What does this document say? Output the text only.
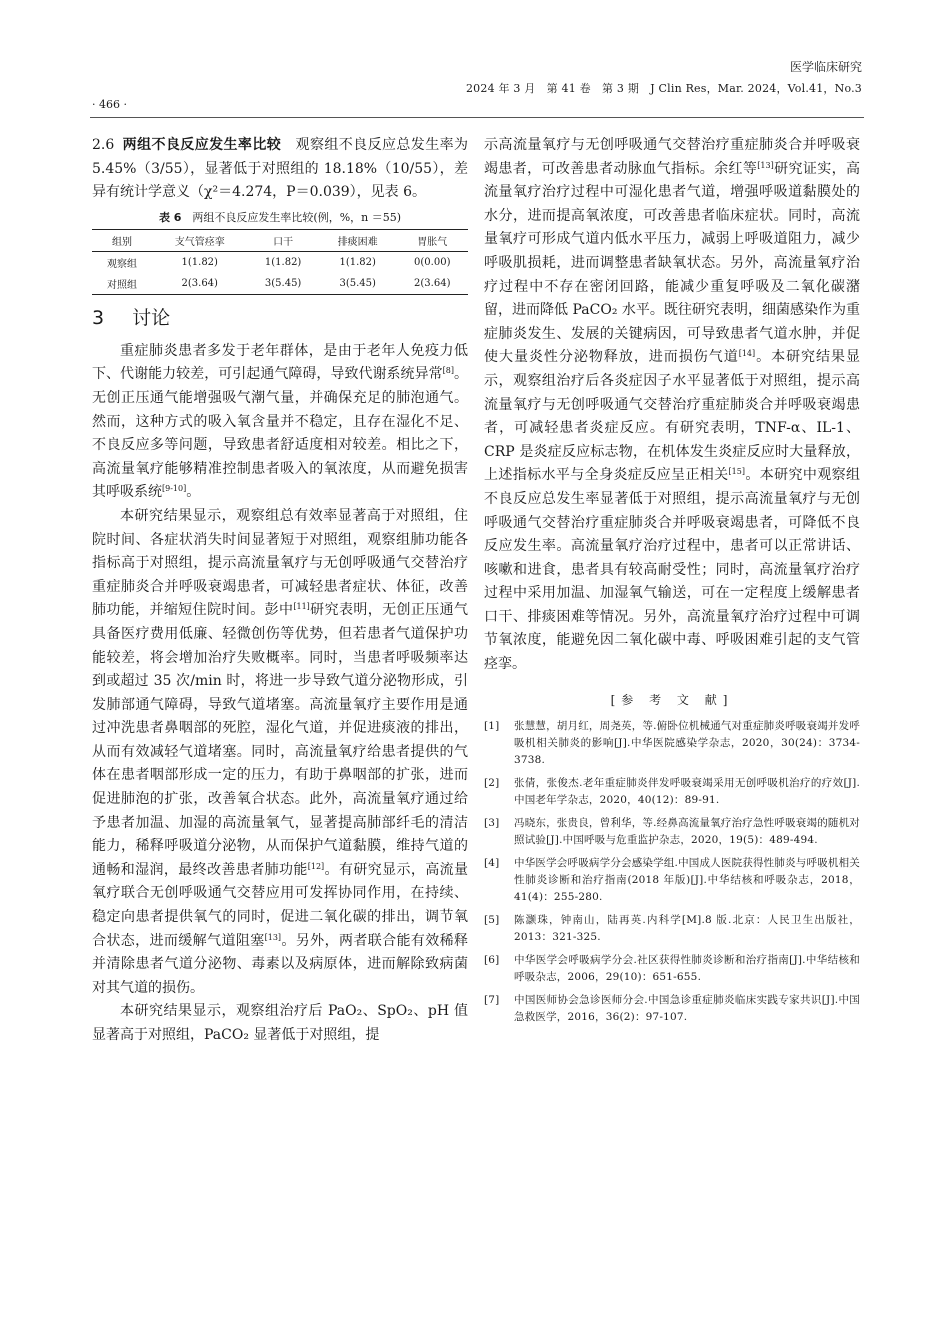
医学临床研究
2024 年 3 月　第 41 卷　第 3 期　J Clin Res，Mar. 2024，Vol.41，No.3
· 466 ·

2.6 两组不良反应发生率比较　 观察组不良反应总发生率为 5.45%（3/55），显著低于对照组的 18.18%（10/55），差异有统计学意义（χ²＝4.274，P＝0.039），见表 6。

表 6　 两组不良反应发生率比较(例，%，n ＝55)
组别	支气管痉挛	口干	排痰困难	胃胀气
观察组	1(1.82)	1(1.82)	1(1.82)	0(0.00)
对照组	2(3.64)	3(5.45)	3(5.45)	2(3.64)
3 讨论

重症肺炎患者多发于老年群体，是由于老年人免疫力低下、代谢能力较差，可引起通气障碍，导致代谢系统异常[8]。无创正压通气能增强吸气潮气量，并确保充足的肺泡通气。然而，这种方式的吸入氧含量并不稳定，且存在湿化不足、不良反应多等问题，导致患者舒适度相对较差。相比之下，高流量氧疗能够精准控制患者吸入的氧浓度，从而避免损害其呼吸系统[9-10]。

本研究结果显示，观察组总有效率显著高于对照组，住院时间、各症状消失时间显著短于对照组，观察组肺功能各指标高于对照组，提示高流量氧疗与无创呼吸通气交替治疗重症肺炎合并呼吸衰竭患者，可减轻患者症状、体征，改善肺功能，并缩短住院时间。彭中[11]研究表明，无创正压通气具备医疗费用低廉、轻微创伤等优势，但若患者气道保护功能较差，将会增加治疗失败概率。同时，当患者呼吸频率达到或超过 35 次/min 时，将进一步导致气道分泌物形成，引发肺部通气障碍，导致气道堵塞。高流量氧疗主要作用是通过冲洗患者鼻咽部的死腔，湿化气道，并促进痰液的排出，从而有效减轻气道堵塞。同时，高流量氧疗给患者提供的气体在患者咽部形成一定的压力，有助于鼻咽部的扩张，进而促进肺泡的扩张，改善氧合状态。此外，高流量氧疗通过给予患者加温、加湿的高流量氧气，显著提高肺部纤毛的清洁能力，稀释呼吸道分泌物，从而保护气道黏膜，维持气道的通畅和湿润，最终改善患者肺功能[12]。有研究显示，高流量氧疗联合无创呼吸通气交替应用可发挥协同作用，在持续、稳定向患者提供氧气的同时，促进二氧化碳的排出，调节氧合状态，进而缓解气道阻塞[13]。另外，两者联合能有效稀释并清除患者气道分泌物、毒素以及病原体，进而解除致病菌对其气道的损伤。

本研究结果显示，观察组治疗后 PaO₂、SpO₂、pH 值显著高于对照组，PaCO₂ 显著低于对照组，提

示高流量氧疗与无创呼吸通气交替治疗重症肺炎合并呼吸衰竭患者，可改善患者动脉血气指标。余红等[13]研究证实，高流量氧疗治疗过程中可湿化患者气道，增强呼吸道黏膜处的水分，进而提高氧浓度，可改善患者临床症状。同时，高流量氧疗可形成气道内低水平压力，减弱上呼吸道阻力，减少呼吸肌损耗，进而调整患者缺氧状态。另外，高流量氧疗治疗过程中不存在密闭回路，能减少重复呼吸及二氧化碳潴留，进而降低 PaCO₂ 水平。既往研究表明，细菌感染作为重症肺炎发生、发展的关键病因，可导致患者气道水肿，并促使大量炎性分泌物释放，进而损伤气道[14]。本研究结果显示，观察组治疗后各炎症因子水平显著低于对照组，提示高流量氧疗与无创呼吸通气交替治疗重症肺炎合并呼吸衰竭患者，可减轻患者炎症反应。有研究表明，TNF-α、IL-1、CRP 是炎症反应标志物，在机体发生炎症反应时大量释放，上述指标水平与全身炎症反应呈正相关[15]。本研究中观察组不良反应总发生率显著低于对照组，提示高流量氧疗与无创呼吸通气交替治疗重症肺炎合并呼吸衰竭患者，可降低不良反应发生率。高流量氧疗治疗过程中，患者可以正常讲话、咳嗽和进食，患者具有较高耐受性；同时，高流量氧疗治疗过程中采用加温、加湿氧气输送，可在一定程度上缓解患者口干、排痰困难等情况。另外，高流量氧疗治疗过程中可调节氧浓度，能避免因二氧化碳中毒、呼吸困难引起的支气管痉挛。

[参 考 文 献]
[1]	张慧慧，胡月红，周尧英，等.俯卧位机械通气对重症肺炎呼吸衰竭并发呼吸机相关肺炎的影响[J].中华医院感染学杂志，2020，30(24)：3734-3738.
[2]	张倩，张俊杰.老年重症肺炎伴发呼吸衰竭采用无创呼吸机治疗的疗效[J].中国老年学杂志，2020，40(12)：89-91.
[3]	冯晓东，张贵良，曾利华，等.经鼻高流量氧疗治疗急性呼吸衰竭的随机对照试验[J].中国呼吸与危重监护杂志，2020，19(5)：489-494.
[4]	中华医学会呼吸病学分会感染学组.中国成人医院获得性肺炎与呼吸机相关性肺炎诊断和治疗指南(2018 年版)[J].中华结核和呼吸杂志，2018，41(4)：255-280.
[5]	陈灏珠，钟南山，陆再英.内科学[M].8 版.北京：人民卫生出版社，2013：321-325.
[6]	中华医学会呼吸病学分会.社区获得性肺炎诊断和治疗指南[J].中华结核和呼吸杂志，2006，29(10)：651-655.
[7]	中国医师协会急诊医师分会.中国急诊重症肺炎临床实践专家共识[J].中国急救医学，2016，36(2)：97-107.
